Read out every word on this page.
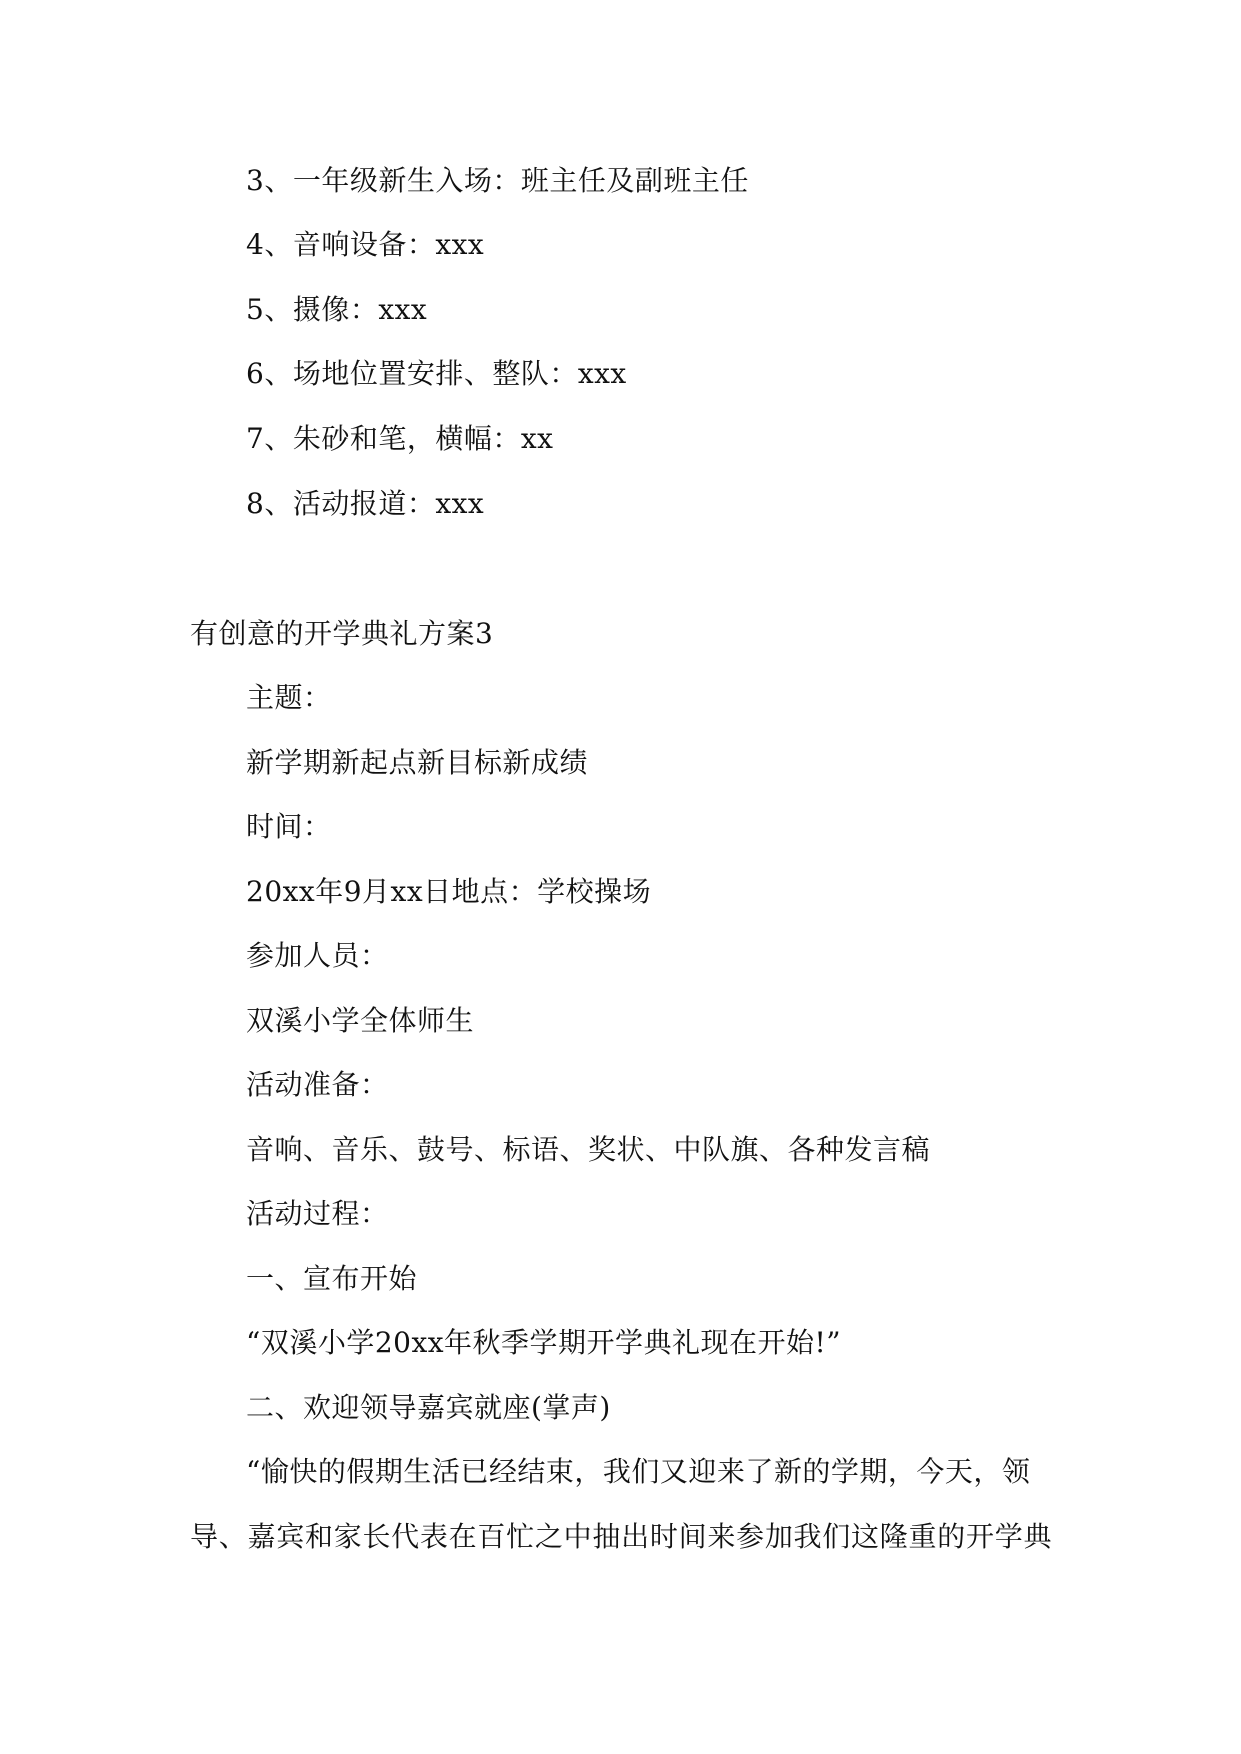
3、一年级新生入场：班主任及副班主任
4、音响设备：xxx
5、摄像：xxx
6、场地位置安排、整队：xxx
7、朱砂和笔，横幅：xx
8、活动报道：xxx
有创意的开学典礼方案3
主题：
新学期新起点新目标新成绩
时间：
20xx年9月xx日地点：学校操场
参加人员：
双溪小学全体师生
活动准备：
音响、音乐、鼓号、标语、奖状、中队旗、各种发言稿
活动过程：
一、宣布开始
“双溪小学20xx年秋季学期开学典礼现在开始!”
二、欢迎领导嘉宾就座(掌声)
“愉快的假期生活已经结束，我们又迎来了新的学期，今天，领
导、嘉宾和家长代表在百忙之中抽出时间来参加我们这隆重的开学典
